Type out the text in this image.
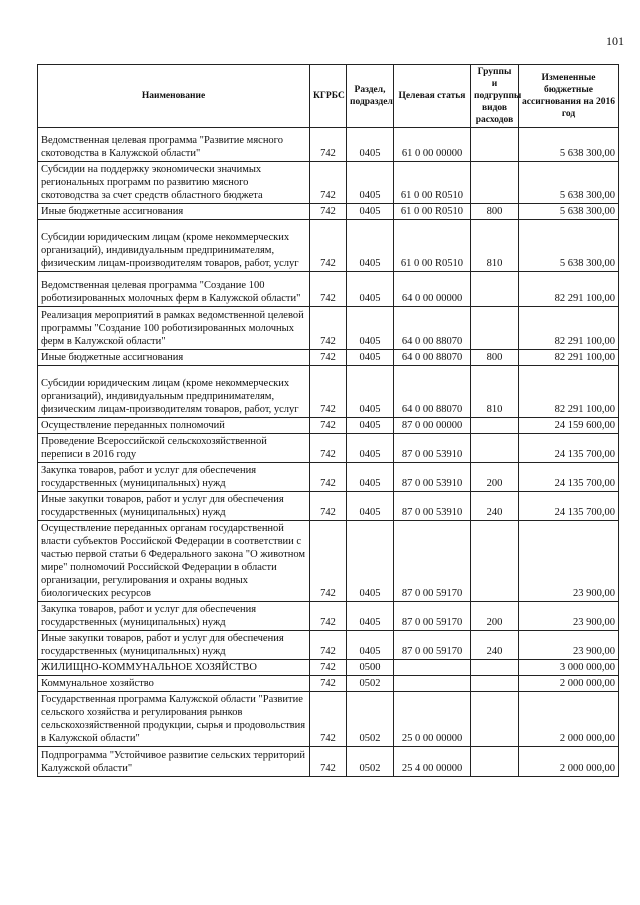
101
Наименование	КГРБС	Раздел, подраздел	Целевая статья	Группы и подгруппы видов расходов	Измененные бюджетные ассигнования на 2016 год
Ведомственная целевая программа "Развитие мясного скотоводства в Калужской области"	742	0405	61 0 00 00000		5 638 300,00
Субсидии на поддержку экономически значимых региональных программ по развитию мясного скотоводства за счет средств областного бюджета	742	0405	61 0 00 R0510		5 638 300,00
Иные бюджетные ассигнования	742	0405	61 0 00 R0510	800	5 638 300,00
Субсидии юридическим лицам (кроме некоммерческих организаций), индивидуальным предпринимателям, физическим лицам-производителям товаров, работ, услуг	742	0405	61 0 00 R0510	810	5 638 300,00
Ведомственная целевая программа "Создание 100 роботизированных молочных ферм в Калужской области"	742	0405	64 0 00 00000		82 291 100,00
Реализация мероприятий в рамках ведомственной целевой программы "Создание 100 роботизированных молочных ферм в Калужской области"	742	0405	64 0 00 88070		82 291 100,00
Иные бюджетные ассигнования	742	0405	64 0 00 88070	800	82 291 100,00
Субсидии юридическим лицам (кроме некоммерческих организаций), индивидуальным предпринимателям, физическим лицам-производителям товаров, работ, услуг	742	0405	64 0 00 88070	810	82 291 100,00
Осуществление переданных полномочий	742	0405	87 0 00 00000		24 159 600,00
Проведение Всероссийской сельскохозяйственной переписи в 2016 году	742	0405	87 0 00 53910		24 135 700,00
Закупка товаров, работ и услуг для обеспечения государственных (муниципальных) нужд	742	0405	87 0 00 53910	200	24 135 700,00
Иные закупки товаров, работ и услуг для обеспечения государственных (муниципальных) нужд	742	0405	87 0 00 53910	240	24 135 700,00
Осуществление переданных органам государственной власти субъектов Российской Федерации в соответствии с частью первой статьи 6 Федерального закона "О животном мире" полномочий Российской Федерации в области организации, регулирования и охраны водных биологических ресурсов	742	0405	87 0 00 59170		23 900,00
Закупка товаров, работ и услуг для обеспечения государственных (муниципальных) нужд	742	0405	87 0 00 59170	200	23 900,00
Иные закупки товаров, работ и услуг для обеспечения государственных (муниципальных) нужд	742	0405	87 0 00 59170	240	23 900,00
ЖИЛИЩНО-КОММУНАЛЬНОЕ ХОЗЯЙСТВО	742	0500			3 000 000,00
Коммунальное хозяйство	742	0502			2 000 000,00
Государственная программа Калужской области "Развитие сельского хозяйства и регулирования рынков сельскохозяйственной продукции, сырья и продовольствия в Калужской области"	742	0502	25 0 00 00000		2 000 000,00
Подпрограмма "Устойчивое развитие сельских территорий Калужской области"	742	0502	25 4 00 00000		2 000 000,00
